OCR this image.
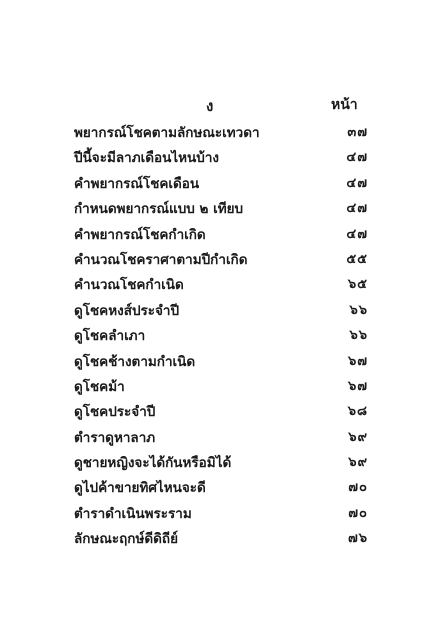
ง	หน้า
พยากรณ์โชคตามลักษณะเทวดา	๓๗
ปีนี้จะมีลาภเดือนไหนบ้าง	๔๗
คำพยากรณ์โชคเดือน	๔๗
กำหนดพยากรณ์แบบ ๒ เทียบ	๔๗
คำพยากรณ์โชคกำเกิด	๔๗
คำนวณโชคราศาตามปีกำเกิด	๕๕
คำนวณโชคกำเนิด	๖๕
ดูโชคหงส์ประจำปี	๖๖
ดูโชคลำเภา	๖๖
ดูโชคช้างตามกำเนิด	๖๗
ดูโชคม้า	๖๗
ดูโชคประจำปี	๖๘
ตำราดูหาลาภ	๖๙
ดูชายหญิงจะได้กันหรือมิได้	๖๙
ดูไปค้าขายทิศไหนจะดี	๗๐
ตำราดำเนินพระราม	๗๐
ลักษณะฤกษ์ดีดิถีย์	๗๖
